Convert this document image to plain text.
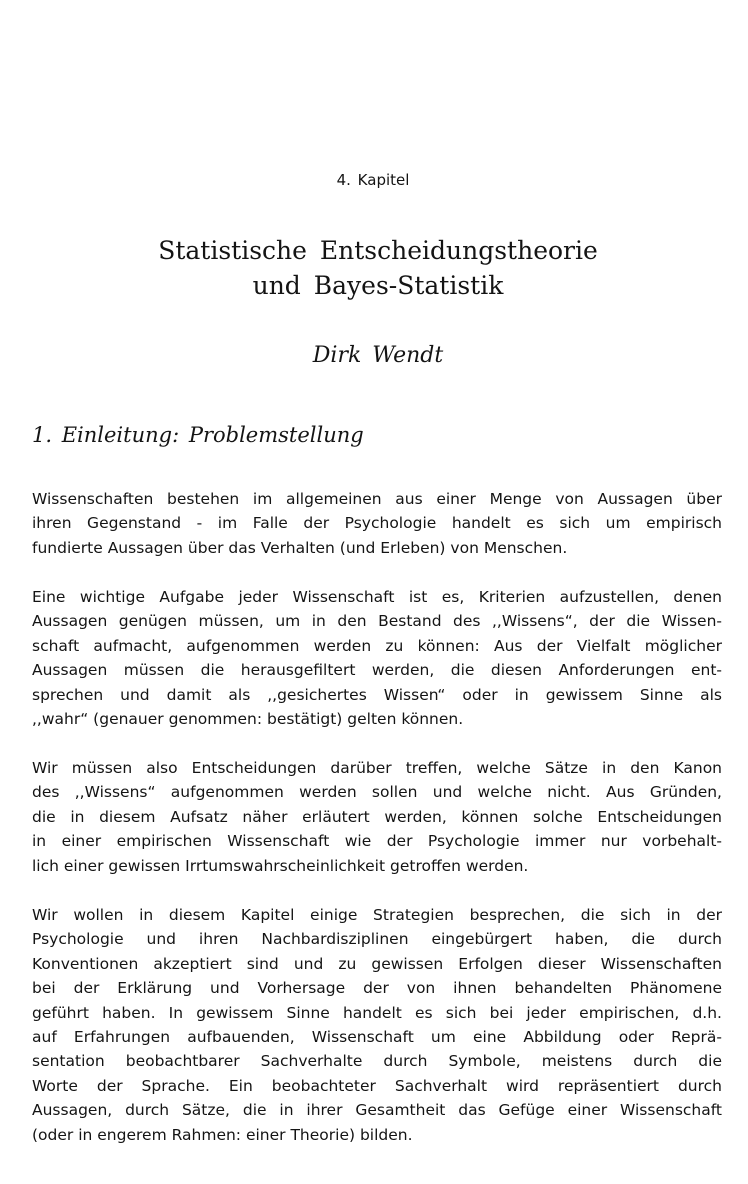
4. Kapitel
Statistische Entscheidungstheorie
und Bayes-Statistik
Dirk Wendt
1. Einleitung: Problemstellung
Wissenschaften bestehen im allgemeinen aus einer Menge von Aussagen über
ihren Gegenstand - im Falle der Psychologie handelt es sich um empirisch
fundierte Aussagen über das Verhalten (und Erleben) von Menschen.
Eine wichtige Aufgabe jeder Wissenschaft ist es, Kriterien aufzustellen, denen
Aussagen genügen müssen, um in den Bestand des ,,Wissens“, der die Wissen-
schaft aufmacht, aufgenommen werden zu können: Aus der Vielfalt möglicher
Aussagen müssen die herausgefiltert werden, die diesen Anforderungen ent-
sprechen und damit als ,,gesichertes Wissen“ oder in gewissem Sinne als
,,wahr“ (genauer genommen: bestätigt) gelten können.
Wir müssen also Entscheidungen darüber treffen, welche Sätze in den Kanon
des ,,Wissens“ aufgenommen werden sollen und welche nicht. Aus Gründen,
die in diesem Aufsatz näher erläutert werden, können solche Entscheidungen
in einer empirischen Wissenschaft wie der Psychologie immer nur vorbehalt-
lich einer gewissen Irrtumswahrscheinlichkeit getroffen werden.
Wir wollen in diesem Kapitel einige Strategien besprechen, die sich in der
Psychologie und ihren Nachbardisziplinen eingebürgert haben, die durch
Konventionen akzeptiert sind und zu gewissen Erfolgen dieser Wissenschaften
bei der Erklärung und Vorhersage der von ihnen behandelten Phänomene
geführt haben. In gewissem Sinne handelt es sich bei jeder empirischen, d.h.
auf Erfahrungen aufbauenden, Wissenschaft um eine Abbildung oder Reprä-
sentation beobachtbarer Sachverhalte durch Symbole, meistens durch die
Worte der Sprache. Ein beobachteter Sachverhalt wird repräsentiert durch
Aussagen, durch Sätze, die in ihrer Gesamtheit das Gefüge einer Wissenschaft
(oder in engerem Rahmen: einer Theorie) bilden.
